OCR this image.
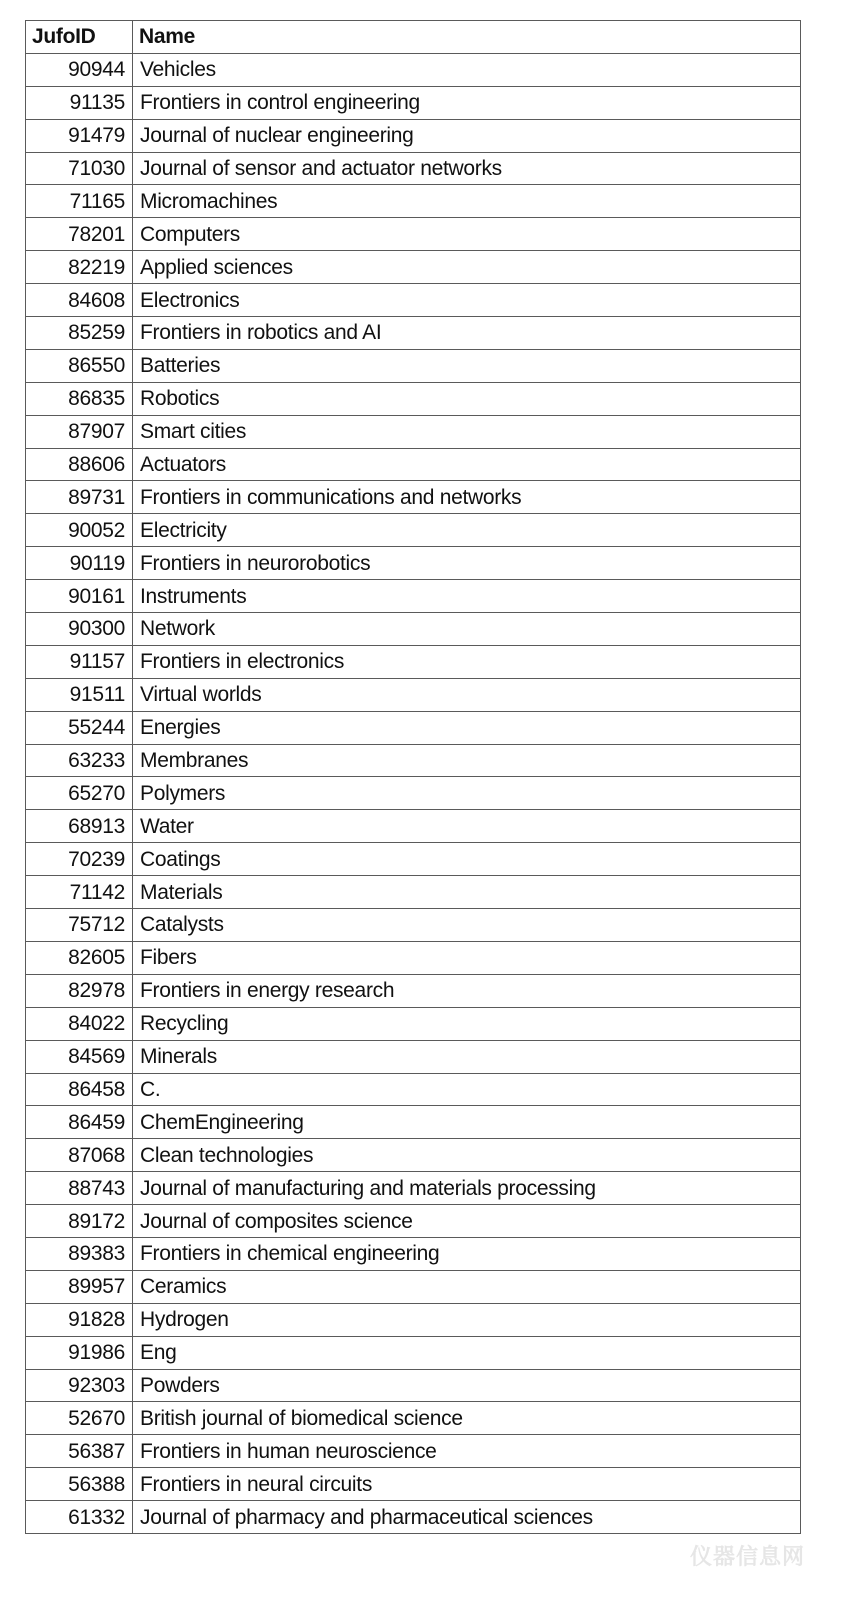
JufoID	Name
90944	Vehicles
91135	Frontiers in control engineering
91479	Journal of nuclear engineering
71030	Journal of sensor and actuator networks
71165	Micromachines
78201	Computers
82219	Applied sciences
84608	Electronics
85259	Frontiers in robotics and AI
86550	Batteries
86835	Robotics
87907	Smart cities
88606	Actuators
89731	Frontiers in communications and networks
90052	Electricity
90119	Frontiers in neurorobotics
90161	Instruments
90300	Network
91157	Frontiers in electronics
91511	Virtual worlds
55244	Energies
63233	Membranes
65270	Polymers
68913	Water
70239	Coatings
71142	Materials
75712	Catalysts
82605	Fibers
82978	Frontiers in energy research
84022	Recycling
84569	Minerals
86458	C.
86459	ChemEngineering
87068	Clean technologies
88743	Journal of manufacturing and materials processing
89172	Journal of composites science
89383	Frontiers in chemical engineering
89957	Ceramics
91828	Hydrogen
91986	Eng
92303	Powders
52670	British journal of biomedical science
56387	Frontiers in human neuroscience
56388	Frontiers in neural circuits
61332	Journal of pharmacy and pharmaceutical sciences
仪器信息网
